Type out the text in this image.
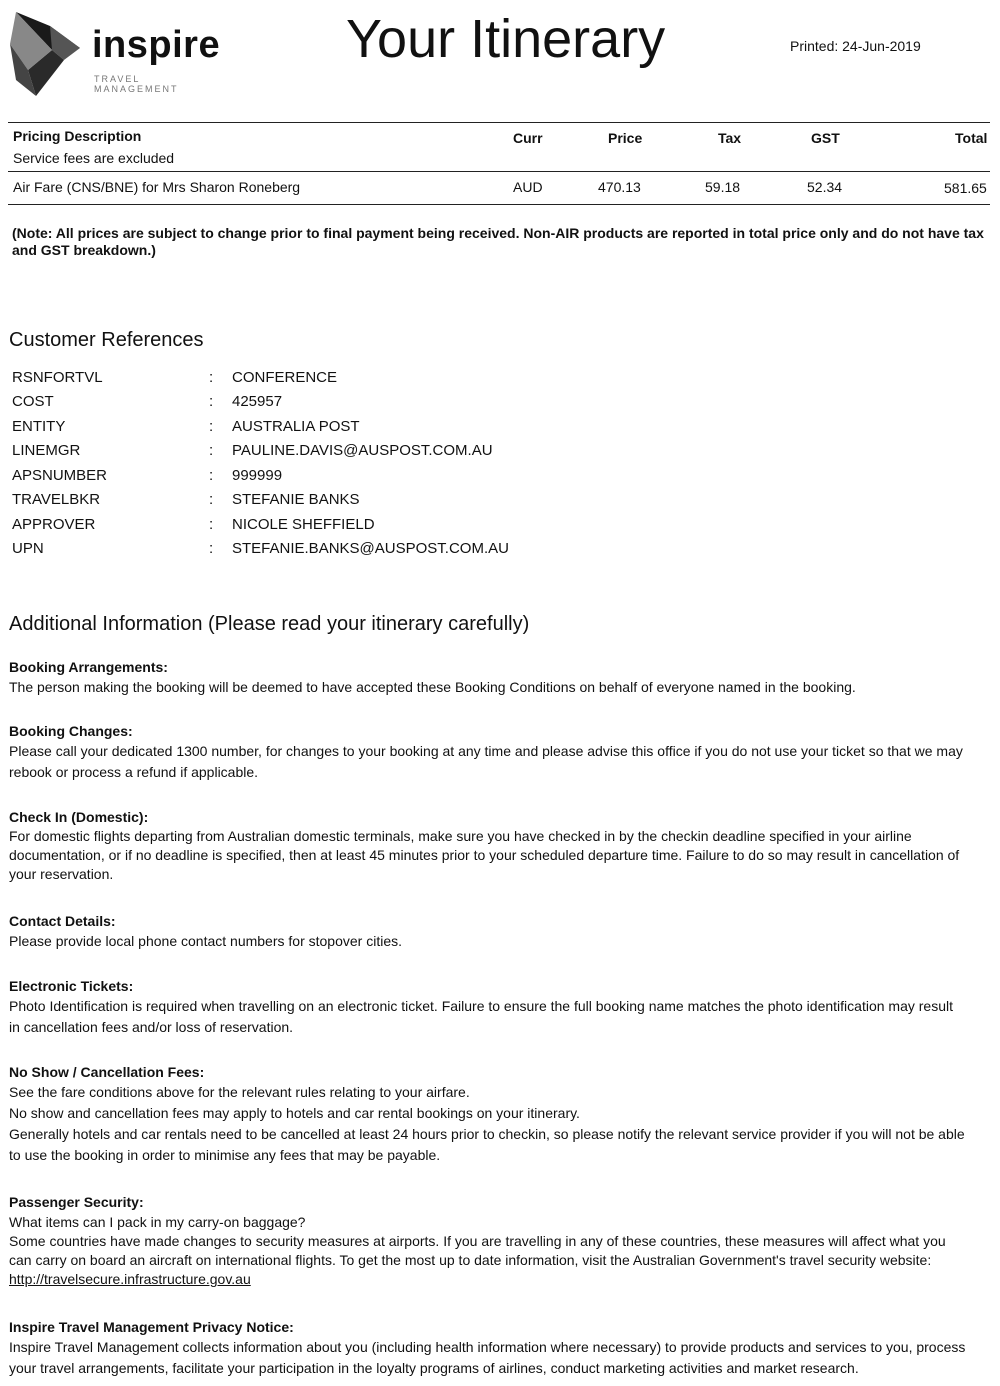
inspire
TRAVEL MANAGEMENT
Your Itinerary	Printed: 24-Jun-2019
Pricing Description	Curr	Price	Tax	GST	Total
Service fees are excluded
Air Fare (CNS/BNE) for Mrs Sharon Roneberg	AUD	470.13	59.18	52.34	581.65
(Note: All prices are subject to change prior to final payment being received. Non-AIR products are reported in total price only and do not have tax and GST breakdown.)
Customer References
RSNFORTVL	: CONFERENCE
COST	: 425957
ENTITY	: AUSTRALIA POST
LINEMGR	: PAULINE.DAVIS@AUSPOST.COM.AU
APSNUMBER	: 999999
TRAVELBKR	: STEFANIE BANKS
APPROVER	: NICOLE SHEFFIELD
UPN	: STEFANIE.BANKS@AUSPOST.COM.AU
Additional Information (Please read your itinerary carefully)
Booking Arrangements:
The person making the booking will be deemed to have accepted these Booking Conditions on behalf of everyone named in the booking.
Booking Changes:
Please call your dedicated 1300 number, for changes to your booking at any time and please advise this office if you do not use your ticket so that we may
rebook or process a refund if applicable.
Check In (Domestic):
For domestic flights departing from Australian domestic terminals, make sure you have checked in by the checkin deadline specified in your airline
documentation, or if no deadline is specified, then at least 45 minutes prior to your scheduled departure time. Failure to do so may result in cancellation of
your reservation.
Contact Details:
Please provide local phone contact numbers for stopover cities.
Electronic Tickets:
Photo Identification is required when travelling on an electronic ticket. Failure to ensure the full booking name matches the photo identification may result
in cancellation fees and/or loss of reservation.
No Show / Cancellation Fees:
See the fare conditions above for the relevant rules relating to your airfare.
No show and cancellation fees may apply to hotels and car rental bookings on your itinerary.
Generally hotels and car rentals need to be cancelled at least 24 hours prior to checkin, so please notify the relevant service provider if you will not be able
to use the booking in order to minimise any fees that may be payable.
Passenger Security:
What items can I pack in my carry-on baggage?
Some countries have made changes to security measures at airports. If you are travelling in any of these countries, these measures will affect what you
can carry on board an aircraft on international flights. To get the most up to date information, visit the Australian Government's travel security website:
http://travelsecure.infrastructure.gov.au
Inspire Travel Management Privacy Notice:
Inspire Travel Management collects information about you (including health information where necessary) to provide products and services to you, process
your travel arrangements, facilitate your participation in the loyalty programs of airlines, conduct marketing activities and market research.
